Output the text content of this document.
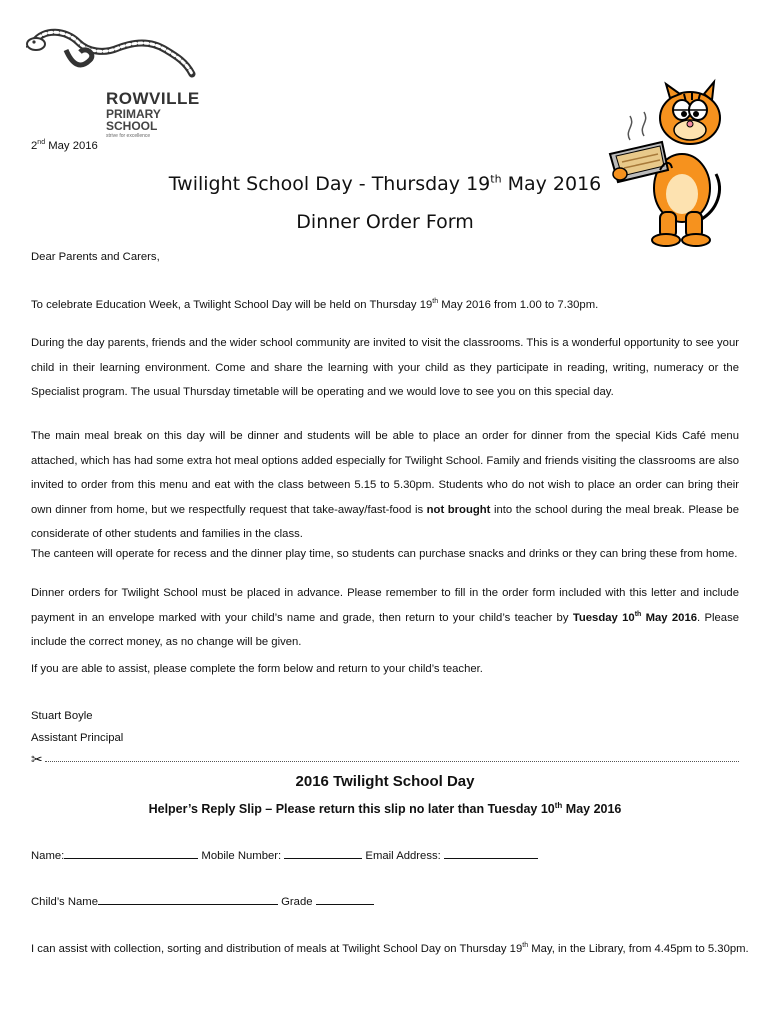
ROWVILLE
PRIMARY SCHOOL
strive for excellence
2nd May 2016
Twilight School Day - Thursday 19th May 2016
Dinner Order Form
Dear Parents and Carers,
To celebrate Education Week, a Twilight School Day will be held on Thursday 19th May 2016 from 1.00 to 7.30pm.
During the day parents, friends and the wider school community are invited to visit the classrooms. This is a wonderful opportunity to see your child in their learning environment. Come and share the learning with your child as they participate in reading, writing, numeracy or the Specialist program. The usual Thursday timetable will be operating and we would love to see you on this special day.
The main meal break on this day will be dinner and students will be able to place an order for dinner from the special Kids Café menu attached, which has had some extra hot meal options added especially for Twilight School. Family and friends visiting the classrooms are also invited to order from this menu and eat with the class between 5.15 to 5.30pm. Students who do not wish to place an order can bring their own dinner from home, but we respectfully request that take-away/fast-food is not brought into the school during the meal break. Please be considerate of other students and families in the class.
The canteen will operate for recess and the dinner play time, so students can purchase snacks and drinks or they can bring these from home.
Dinner orders for Twilight School must be placed in advance. Please remember to fill in the order form included with this letter and include payment in an envelope marked with your child’s name and grade, then return to your child’s teacher by Tuesday 10th May 2016. Please include the correct money, as no change will be given.
If you are able to assist, please complete the form below and return to your child’s teacher.
Stuart Boyle
Assistant Principal
✂
2016 Twilight School Day
Helper’s Reply Slip – Please return this slip no later than Tuesday 10th May 2016
Name:	Mobile Number:	Email Address:
Child’s Name	Grade
I can assist with collection, sorting and distribution of meals at Twilight School Day on Thursday 19th May, in the Library, from 4.45pm to 5.30pm.
